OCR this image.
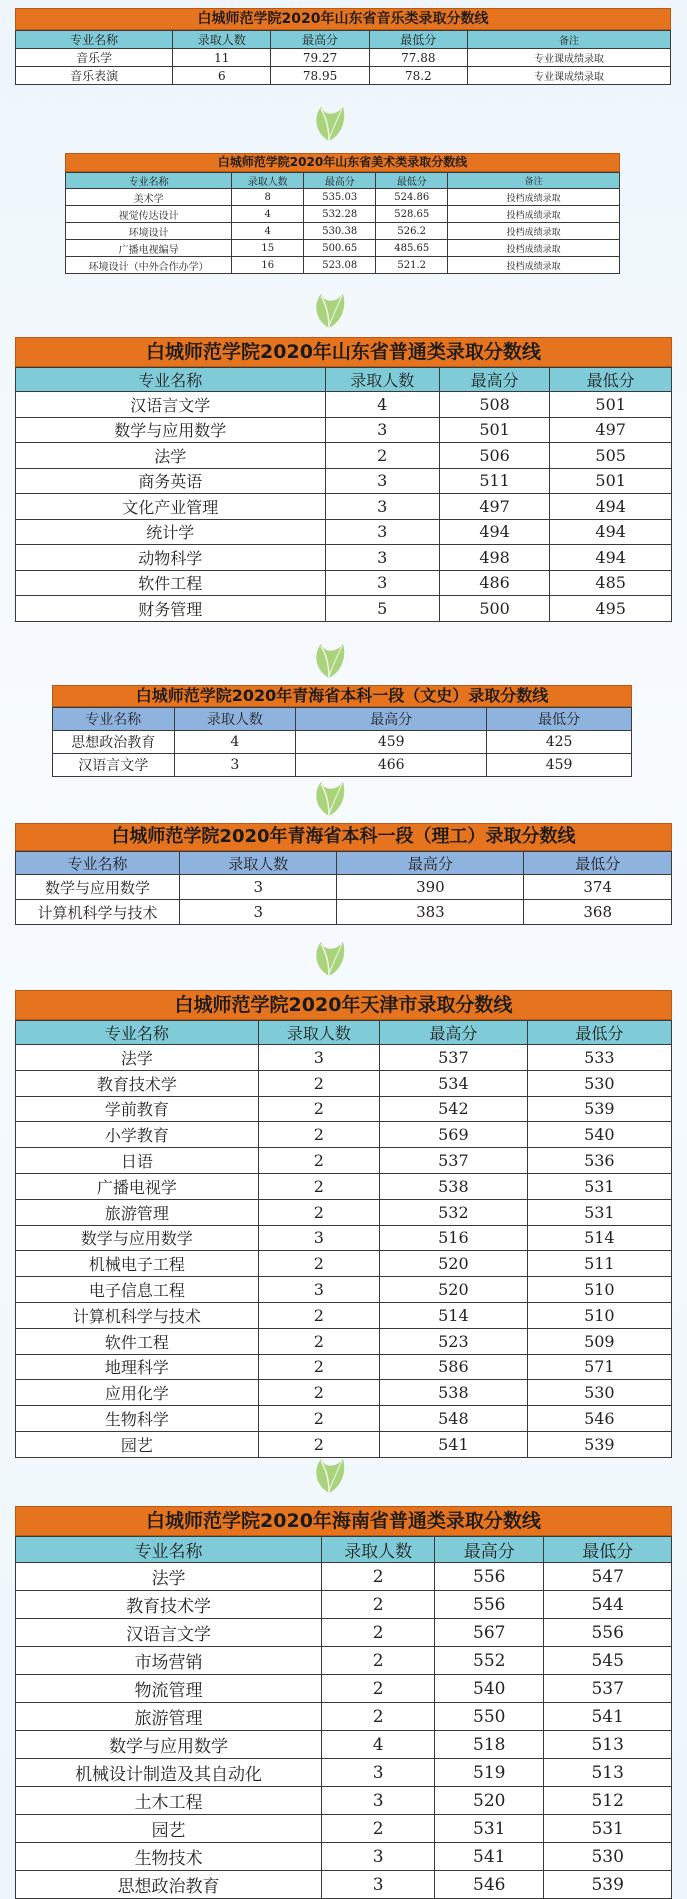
白城师范学院2020年山东省音乐类录取分数线
专业名称	录取人数	最高分	最低分	备注
音乐学	11	79.27	77.88	专业课成绩录取
音乐表演	6	78.95	78.2	专业课成绩录取
白城师范学院2020年山东省美术类录取分数线
专业名称	录取人数	最高分	最低分	备注
美术学	8	535.03	524.86	投档成绩录取
视觉传达设计	4	532.28	528.65	投档成绩录取
环境设计	4	530.38	526.2	投档成绩录取
广播电视编导	15	500.65	485.65	投档成绩录取
环境设计（中外合作办学）	16	523.08	521.2	投档成绩录取
白城师范学院2020年山东省普通类录取分数线
专业名称	录取人数	最高分	最低分
汉语言文学	4	508	501
数学与应用数学	3	501	497
法学	2	506	505
商务英语	3	511	501
文化产业管理	3	497	494
统计学	3	494	494
动物科学	3	498	494
软件工程	3	486	485
财务管理	5	500	495
白城师范学院2020年青海省本科一段（文史）录取分数线
专业名称	录取人数	最高分	最低分
思想政治教育	4	459	425
汉语言文学	3	466	459
白城师范学院2020年青海省本科一段（理工）录取分数线
专业名称	录取人数	最高分	最低分
数学与应用数学	3	390	374
计算机科学与技术	3	383	368
白城师范学院2020年天津市录取分数线
专业名称	录取人数	最高分	最低分
法学	3	537	533
教育技术学	2	534	530
学前教育	2	542	539
小学教育	2	569	540
日语	2	537	536
广播电视学	2	538	531
旅游管理	2	532	531
数学与应用数学	3	516	514
机械电子工程	2	520	511
电子信息工程	3	520	510
计算机科学与技术	2	514	510
软件工程	2	523	509
地理科学	2	586	571
应用化学	2	538	530
生物科学	2	548	546
园艺	2	541	539
白城师范学院2020年海南省普通类录取分数线
专业名称	录取人数	最高分	最低分
法学	2	556	547
教育技术学	2	556	544
汉语言文学	2	567	556
市场营销	2	552	545
物流管理	2	540	537
旅游管理	2	550	541
数学与应用数学	4	518	513
机械设计制造及其自动化	3	519	513
土木工程	3	520	512
园艺	2	531	531
生物技术	3	541	530
思想政治教育	3	546	539
